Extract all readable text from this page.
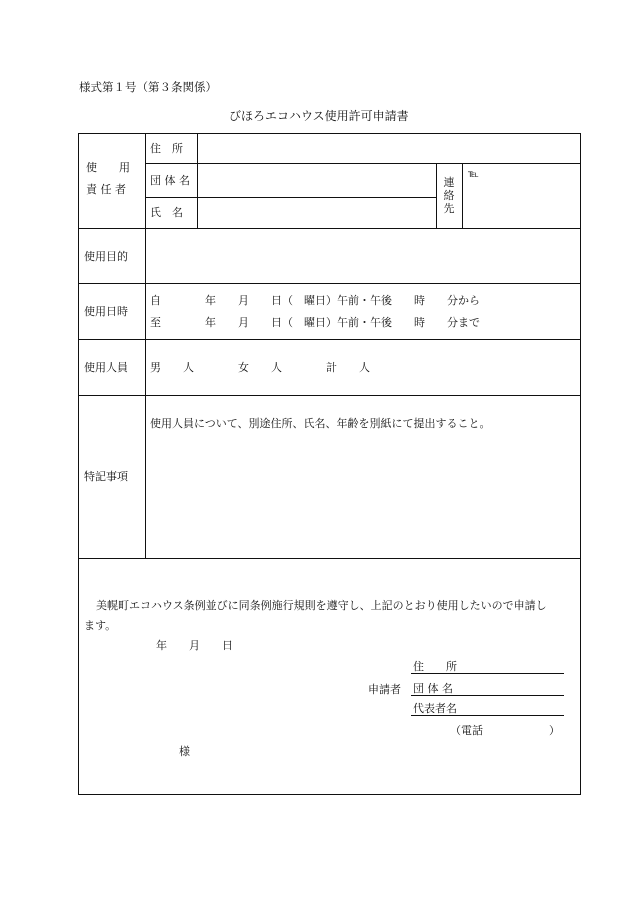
様式第１号（第３条関係）
びほろエコハウス使用許可申請書
使　　用
責 任 者
住　所
団 体 名
氏　名
連絡先
℡
使用目的
使用日時
自　　　　年　　月　　日（　曜日）午前・午後　　時　　分から
至　　　　年　　月　　日（　曜日）午前・午後　　時　　分まで
使用人員 男　　人　　　　女　　人　　　　計　　人
特記事項
使用人員について、別途住所、氏名、年齢を別紙にて提出すること。
美幌町エコハウス条例並びに同条例施行規則を遵守し、上記のとおり使用したいので申請し
ます。
年　　月　　日
申請者
住　　所
団 体 名
代表者名
（電話　　　　　　）
様
